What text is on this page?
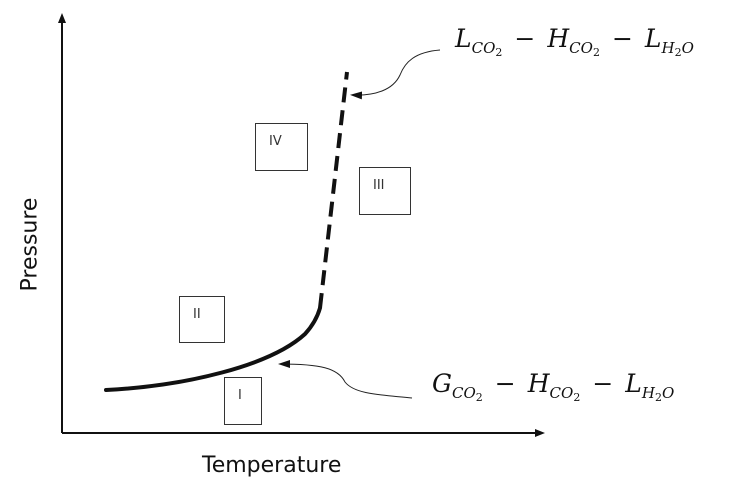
Temperature
Pressure
IV
III
II
I
$L_{CO_2} - H_{CO_2} - L_{H_2O}$
$G_{CO_2} - H_{CO_2} - L_{H_2O}$
